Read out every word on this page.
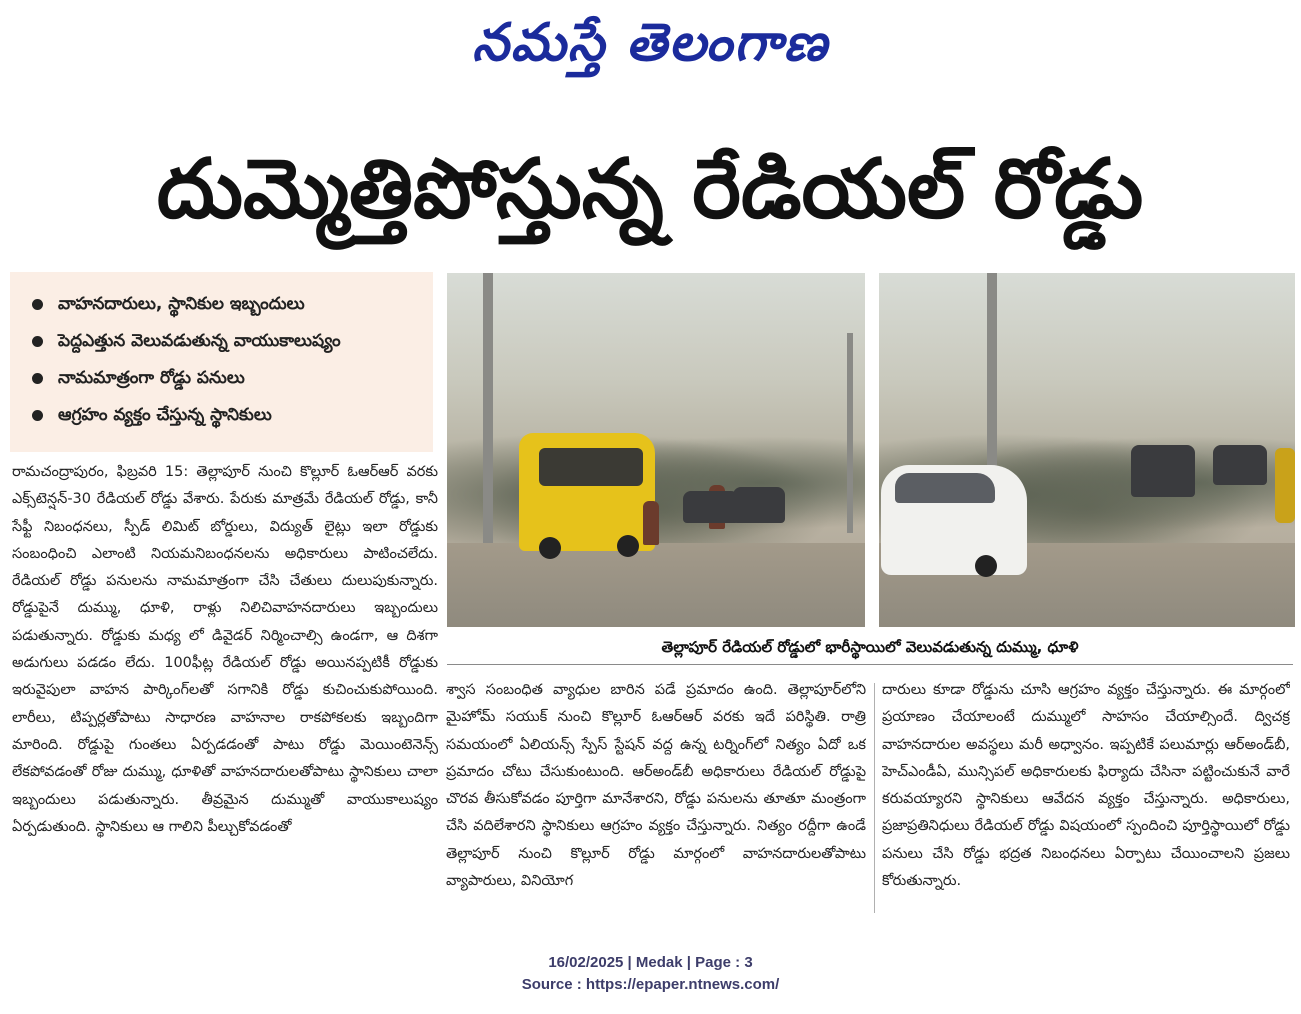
నమస్తే తెలంగాణ
దుమ్మెత్తిపోస్తున్న రేడియల్ రోడ్డు
వాహనదారులు, స్థానికుల ఇబ్బందులు
పెద్దఎత్తున వెలువడుతున్న వాయుకాలుష్యం
నామమాత్రంగా రోడ్డు పనులు
ఆగ్రహం వ్యక్తం చేస్తున్న స్థానికులు

రామచంద్రాపురం, ఫిబ్రవరి 15: తెల్లాపూర్ నుంచి కొల్లూర్ ఓఆర్ఆర్ వరకు ఎక్స్‌టెన్షన్-30 రేడియల్ రోడ్డు వేశారు. పేరుకు మాత్రమే రేడియల్ రోడ్డు, కానీ సేఫ్టీ నిబంధనలు, స్పీడ్ లిమిట్ బోర్డులు, విద్యుత్ లైట్లు ఇలా రోడ్డుకు సంబంధించి ఎలాంటి నియమనిబంధనలను అధికారులు పాటించలేదు. రేడియల్ రోడ్డు పనులను నామమాత్రంగా చేసి చేతులు దులుపుకున్నారు. రోడ్డుపైనే దుమ్ము, ధూళి, రాళ్లు నిలిచివాహనదారులు ఇబ్బందులు పడుతున్నారు. రోడ్డుకు మధ్య లో డివైడర్ నిర్మించాల్సి ఉండగా, ఆ దిశగా అడుగులు పడడం లేదు. 100ఫీట్ల రేడియల్ రోడ్డు అయినప్పటికీ రోడ్డుకు ఇరువైపులా వాహన పార్కింగ్‌లతో సగానికి రోడ్డు కుచించుకుపోయింది. లారీలు, టిప్పర్లతోపాటు సాధారణ వాహనాల రాకపోకలకు ఇబ్బందిగా మారింది. రోడ్డుపై గుంతలు ఏర్పడడంతో పాటు రోడ్డు మెయింటెనెన్స్ లేకపోవడంతో రోజు దుమ్ము, ధూళితో వాహనదారులతోపాటు స్థానికులు చాలా ఇబ్బందులు పడుతున్నారు. తీవ్రమైన దుమ్ముతో వాయుకాలుష్యం ఏర్పడుతుంది. స్థానికులు ఆ గాలిని పీల్చుకోవడంతో

తెల్లాపూర్ రేడియల్ రోడ్డులో భారీస్థాయిలో వెలువడుతున్న దుమ్ము, ధూళి

శ్వాస సంబంధిత వ్యాధుల బారిన పడే ప్రమాదం ఉంది. తెల్లాపూర్‌లోని మైహోమ్ సయుక్ నుంచి కొల్లూర్ ఓఆర్ఆర్ వరకు ఇదే పరిస్థితి. రాత్రి సమయంలో ఏలియన్స్ స్పేస్ స్టేషన్ వద్ద ఉన్న టర్నింగ్‌లో నిత్యం ఏదో ఒక ప్రమాదం చోటు చేసుకుంటుంది. ఆర్అండ్‌బీ అధికారులు రేడియల్ రోడ్డుపై చొరవ తీసుకోవడం పూర్తిగా మానేశారని, రోడ్డు పనులను తూతూ మంత్రంగా చేసి వదిలేశారని స్థానికులు ఆగ్రహం వ్యక్తం చేస్తున్నారు. నిత్యం రద్దీగా ఉండే తెల్లాపూర్ నుంచి కొల్లూర్ రోడ్డు మార్గంలో వాహనదారులతోపాటు వ్యాపారులు, వినియోగ

దారులు కూడా రోడ్డును చూసి ఆగ్రహం వ్యక్తం చేస్తున్నారు. ఈ మార్గంలో ప్రయాణం చేయాలంటే దుమ్ములో సాహసం చేయాల్సిందే. ద్విచక్ర వాహనదారుల అవస్థలు మరీ అధ్వానం. ఇప్పటికే పలుమార్లు ఆర్అండ్‌బీ, హెచ్ఎండీఏ, మున్సిపల్ అధికారులకు ఫిర్యాదు చేసినా పట్టించుకునే వారే కరువయ్యారని స్థానికులు ఆవేదన వ్యక్తం చేస్తున్నారు. అధికారులు, ప్రజాప్రతినిధులు రేడియల్ రోడ్డు విషయంలో స్పందించి పూర్తిస్థాయిలో రోడ్డు పనులు చేసి రోడ్డు భద్రత నిబంధనలు ఏర్పాటు చేయించాలని ప్రజలు కోరుతున్నారు.

16/02/2025 | Medak | Page : 3
Source : https://epaper.ntnews.com/
